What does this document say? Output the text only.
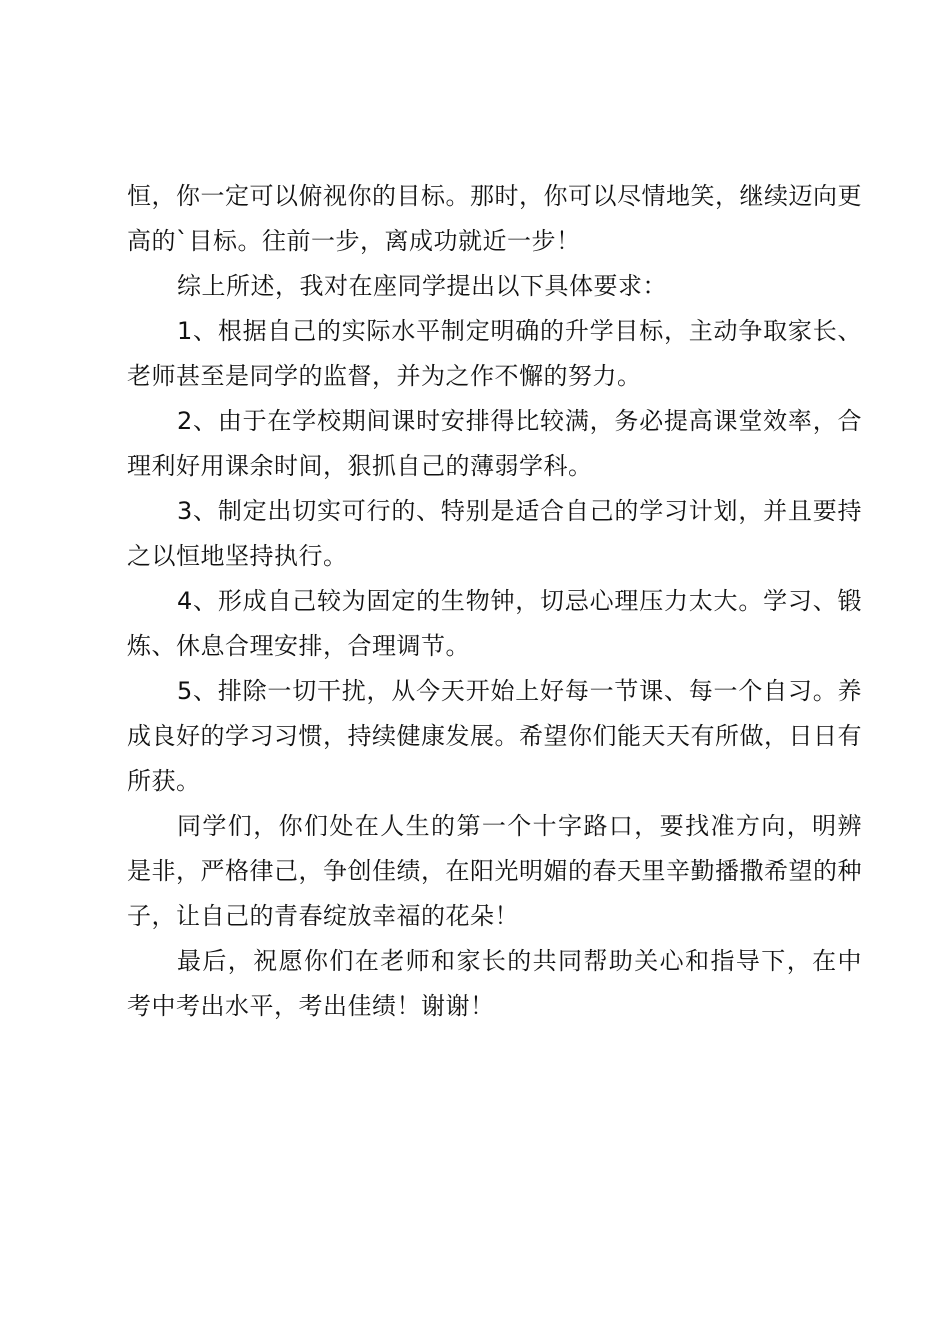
恒，你一定可以俯视你的目标。那时，你可以尽情地笑，继续迈向更高的`目标。往前一步，离成功就近一步！

综上所述，我对在座同学提出以下具体要求：

1、根据自己的实际水平制定明确的升学目标，主动争取家长、老师甚至是同学的监督，并为之作不懈的努力。

2、由于在学校期间课时安排得比较满，务必提高课堂效率，合理利好用课余时间，狠抓自己的薄弱学科。

3、制定出切实可行的、特别是适合自己的学习计划，并且要持之以恒地坚持执行。

4、形成自己较为固定的生物钟，切忌心理压力太大。学习、锻炼、休息合理安排，合理调节。

5、排除一切干扰，从今天开始上好每一节课、每一个自习。养成良好的学习习惯，持续健康发展。希望你们能天天有所做，日日有所获。

同学们，你们处在人生的第一个十字路口，要找准方向，明辨是非，严格律己，争创佳绩，在阳光明媚的春天里辛勤播撒希望的种子，让自己的青春绽放幸福的花朵！

最后，祝愿你们在老师和家长的共同帮助关心和指导下，在中考中考出水平，考出佳绩！谢谢！
